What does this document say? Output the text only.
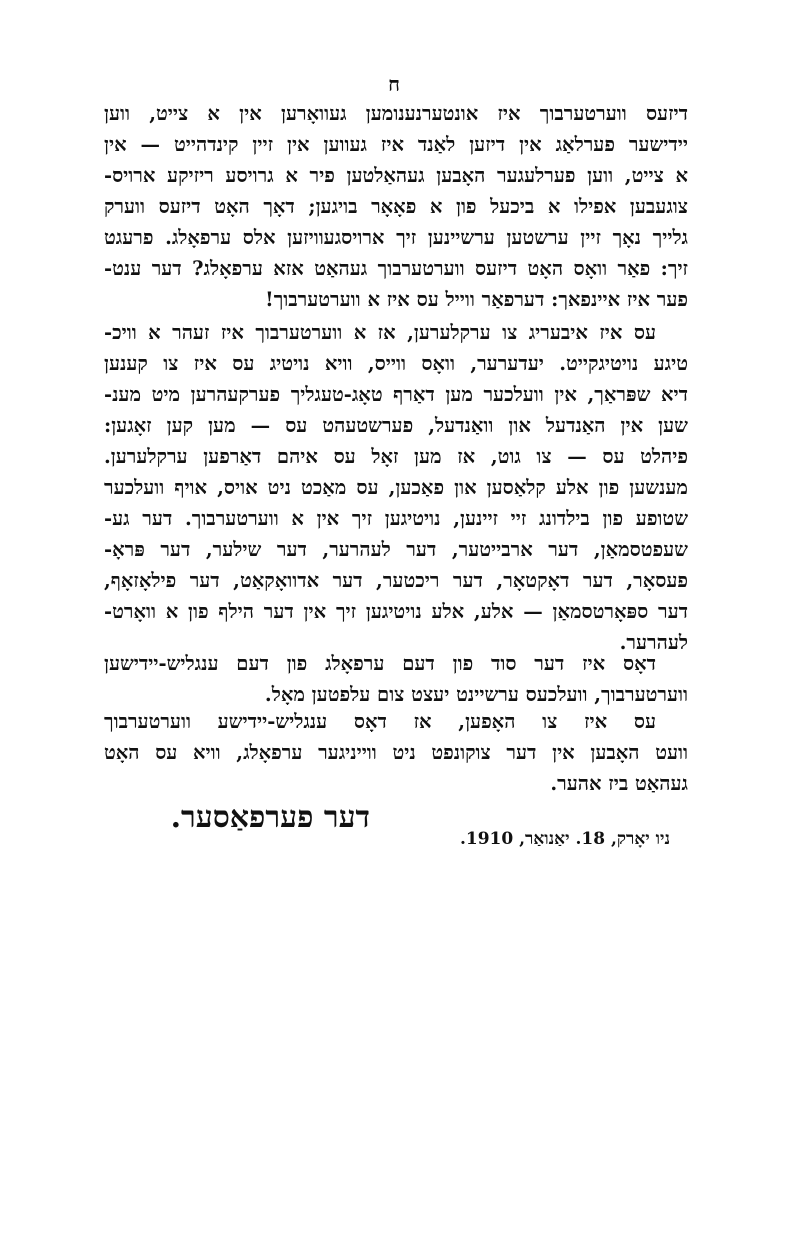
ח
דיזעס ווערטערבוך איז אונטערנענומען געוואָרען אין א צייט, ווען
יידישער פערלאַג אין דיזען לאַנד איז געווען אין זיין קינדהייט — אין
א צייט, ווען פערלעגער האָבען געהאַלטען פיר א גרויסע ריזיקע ארויס-
צוגעבען אפילו א ביכעל פון א פאָאָר בויגען; דאָך האָט דיזעס ווערק
גלייך נאָך זיין ערשטען ערשיינען זיך ארויסגעוויזען אלס ערפאָלג. פרעגט
זיך: פאַר וואָס האָט דיזעס ווערטערבוך געהאַט אזא ערפאָלג? דער ענט-
פער איז איינפאך: דערפאַר ווייל עס איז א ווערטערבוך!
עס איז איבעריג צו ערקלערען, אז א ווערטערבוך איז זעהר א וויכ-
טיגע נויטיגקייט. יעדערער, וואָס ווייס, וויא נויטיג עס איז צו קענען
דיא שפּראַך, אין וועלכער מען דאַרף טאָג-טעגליך פערקעהרען מיט מענ-
שען אין האַנדעל און וואַנדעל, פערשטעהט עס — מען קען זאָגען:
פיהלט עס — צו גוט, אז מען זאָל עס איהם דאַרפען ערקלערען.
מענשען פון אלע קלאַסען און פאַכען, עס מאַכט ניט אויס, אויף וועלכער
שטופע פון בילדונג זיי זיינען, נויטיגען זיך אין א ווערטערבוך. דער גע-
שעפטסמאַן, דער ארבייטער, דער לעהרער, דער שילער, דער פּראָ-
פעסאָר, דער דאָקטאָר, דער ריכטער, דער אדוואָקאַט, דער פילאָזאָף,
דער ספּאָרטסמאַן — אלע, אלע נויטיגען זיך אין דער הילף פון א וואָרט-
לעהרער.
דאָס איז דער סוד פון דעם ערפאָלג פון דעם ענגליש-יידישען
ווערטערבוך, וועלכעס ערשיינט יעצט צום עלפטען מאָל.
עס איז צו האָפען, אז דאָס ענגליש-יידישע ווערטערבוך
וועט האָבען אין דער צוקונפט ניט ווייניגער ערפאָלג, וויא עס האָט
געהאַט ביז אהער.
דער פערפאַסער.
ניו יאָרק, 18. יאַנואַר, 1910.
